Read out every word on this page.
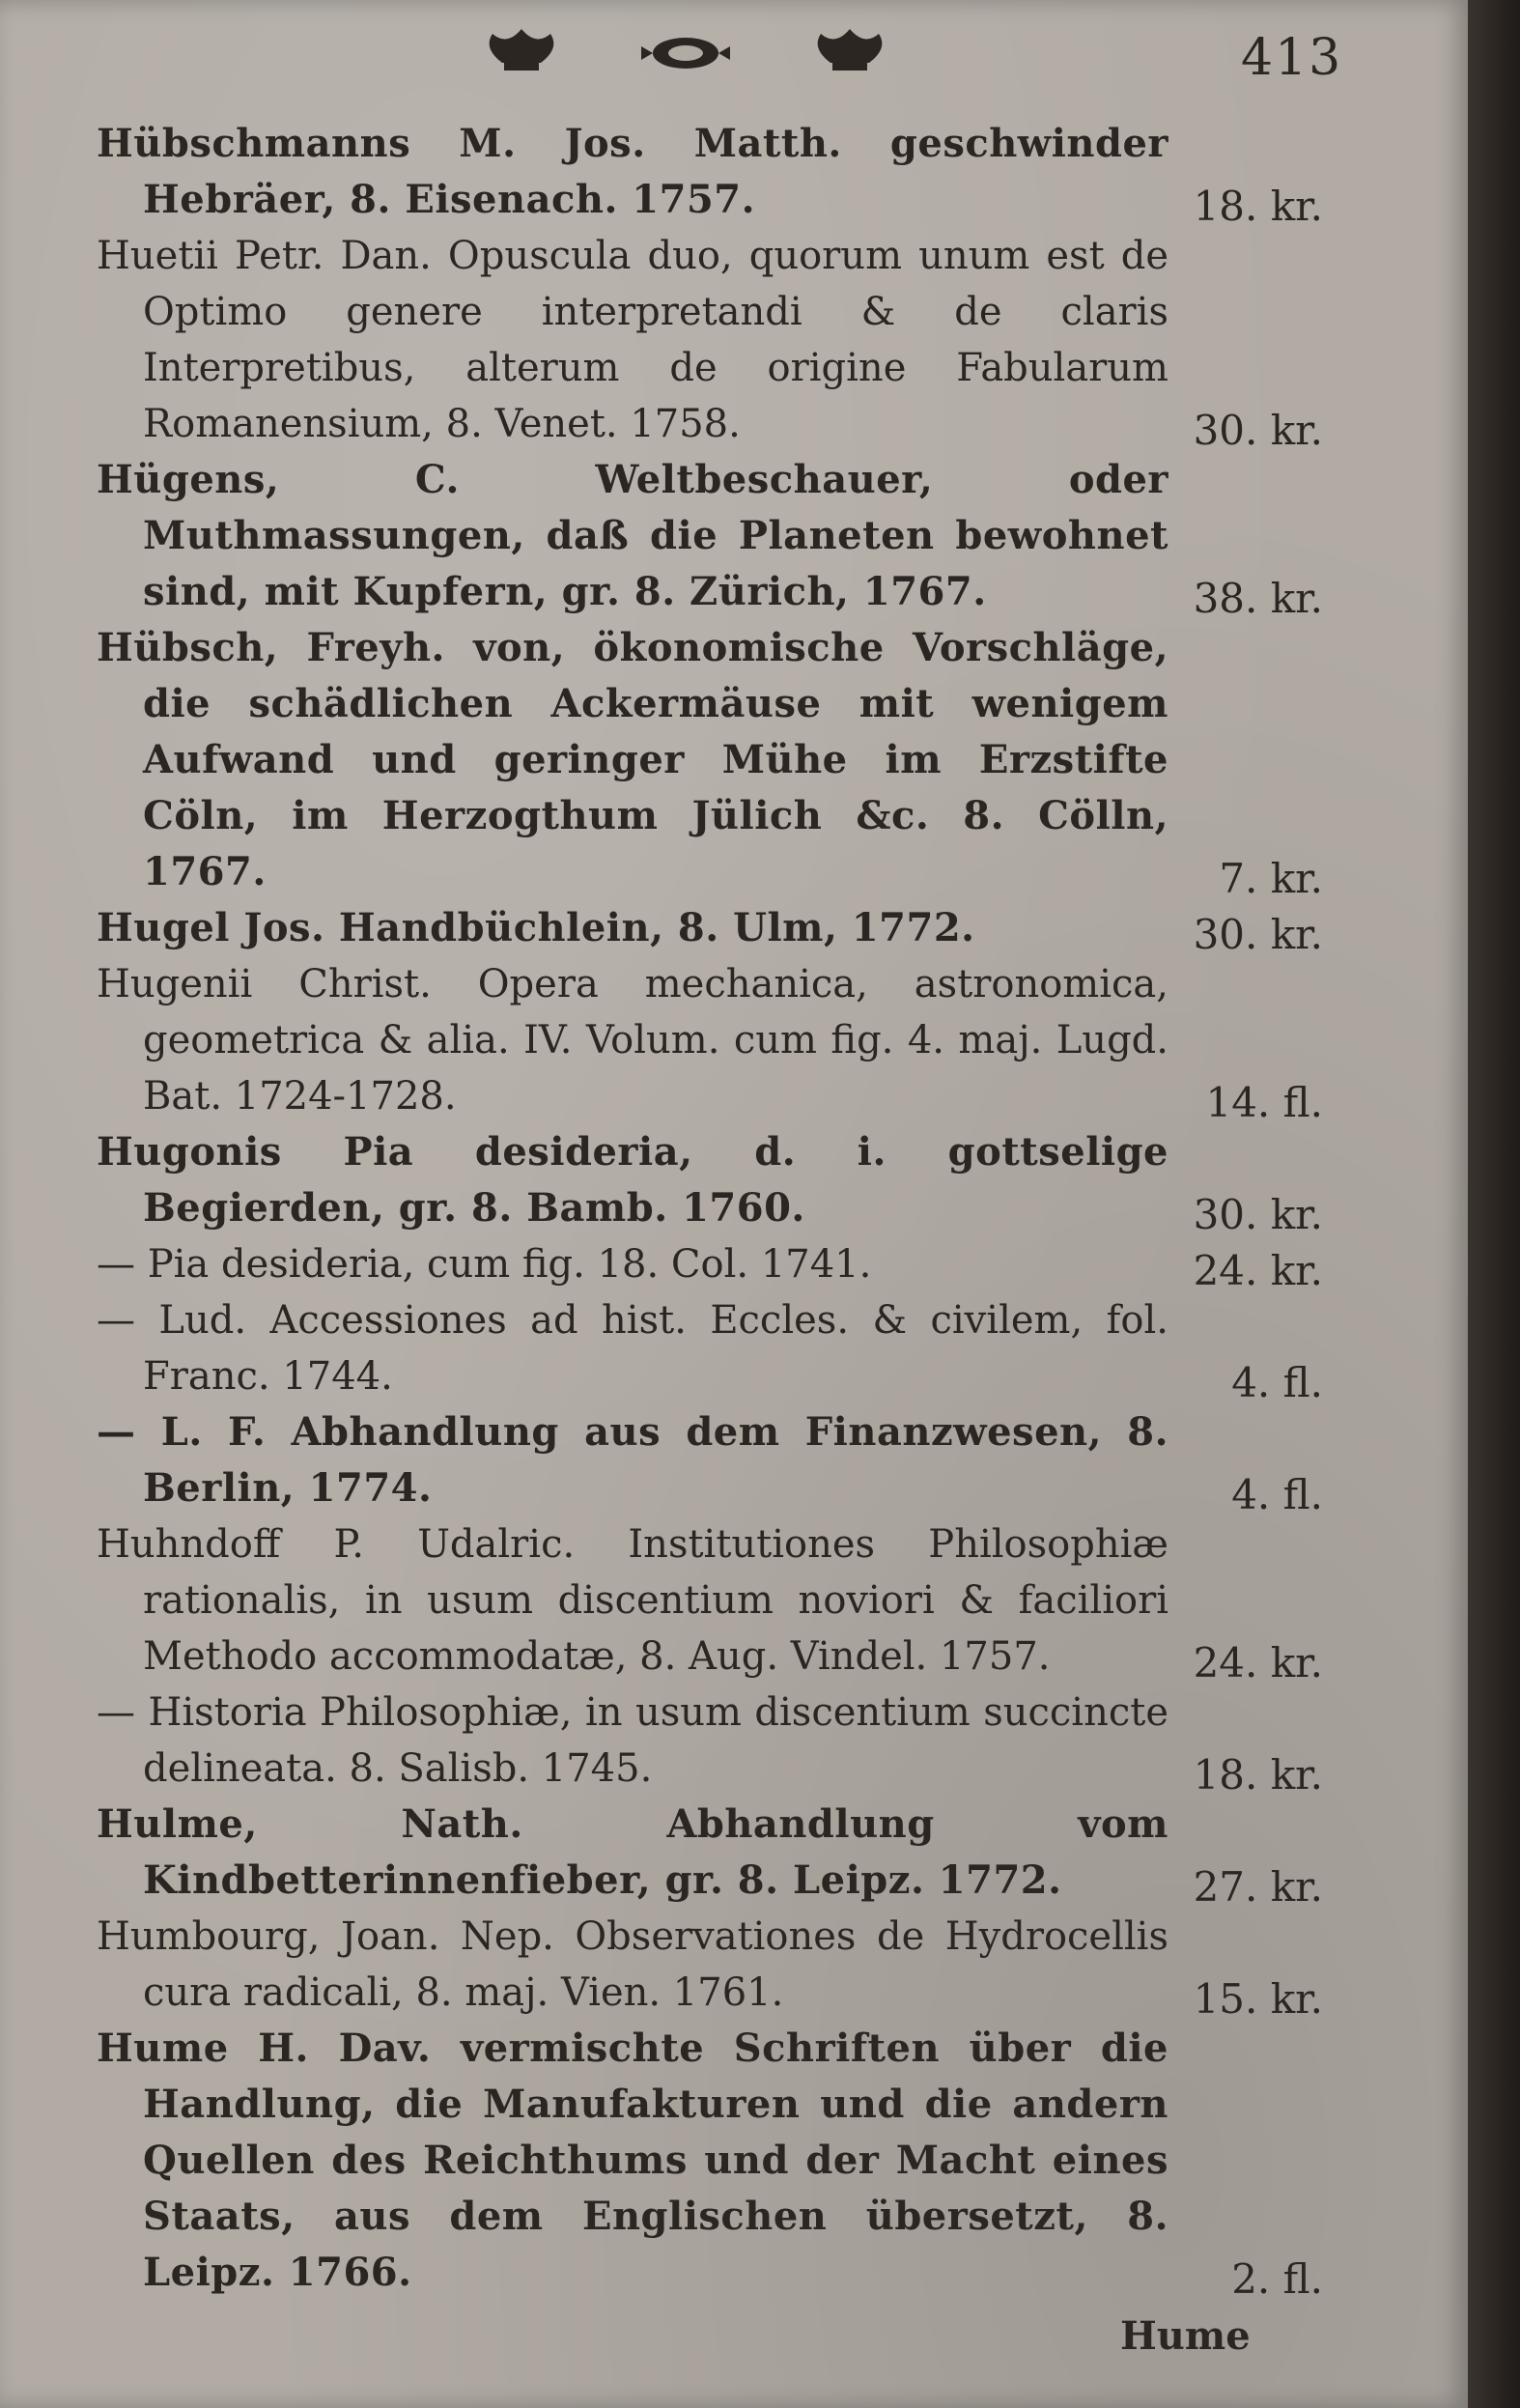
413
Hübschmanns M. Jos. Matth. geschwinder Hebräer, 8. Eisenach. 1757.	18. kr.
Huetii Petr. Dan. Opuscula duo, quorum unum est de Optimo genere interpretandi & de claris Interpretibus, alterum de origine Fabularum Romanensium, 8. Venet. 1758.	30. kr.
Hügens, C. Weltbeschauer, oder Muthmassungen, daß die Planeten bewohnet sind, mit Kupfern, gr. 8. Zürich, 1767.	38. kr.
Hübsch, Freyh. von, ökonomische Vorschläge, die schädlichen Ackermäuse mit wenigem Aufwand und geringer Mühe im Erzstifte Cöln, im Herzogthum Jülich &c. 8. Cölln, 1767.	7. kr.
Hugel Jos. Handbüchlein, 8. Ulm, 1772.	30. kr.
Hugenii Christ. Opera mechanica, astronomica, geometrica & alia. IV. Volum. cum fig. 4. maj. Lugd. Bat. 1724-1728.	14. fl.
Hugonis Pia desideria, d. i. gottselige Begierden, gr. 8. Bamb. 1760.	30. kr.
— Pia desideria, cum fig. 18. Col. 1741.	24. kr.
— Lud. Accessiones ad hist. Eccles. & civilem, fol. Franc. 1744.	4. fl.
— L. F. Abhandlung aus dem Finanzwesen, 8. Berlin, 1774.	4. fl.
Huhndoff P. Udalric. Institutiones Philosophiæ rationalis, in usum discentium noviori & faciliori Methodo accommodatæ, 8. Aug. Vindel. 1757.	24. kr.
— Historia Philosophiæ, in usum discentium succincte delineata. 8. Salisb. 1745.	18. kr.
Hulme, Nath. Abhandlung vom Kindbetterinnenfieber, gr. 8. Leipz. 1772.	27. kr.
Humbourg, Joan. Nep. Observationes de Hydrocellis cura radicali, 8. maj. Vien. 1761.	15. kr.
Hume H. Dav. vermischte Schriften über die Handlung, die Manufakturen und die andern Quellen des Reichthums und der Macht eines Staats, aus dem Englischen übersetzt, 8. Leipz. 1766.	2. fl.
Hume
